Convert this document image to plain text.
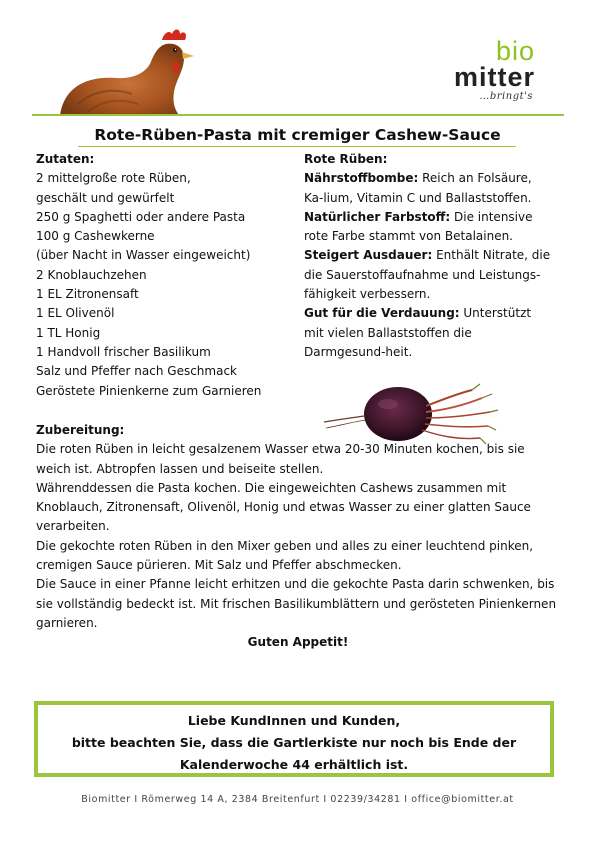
bio
mitter
…bringt's
Rote-Rüben-Pasta mit cremiger Cashew-Sauce

Zutaten:

2 mittelgroße rote Rüben,

geschält und gewürfelt

250 g Spaghetti oder andere Pasta

100 g Cashewkerne

(über Nacht in Wasser eingeweicht)

2 Knoblauchzehen

1 EL Zitronensaft

1 EL Olivenöl

1 TL Honig

1 Handvoll frischer Basilikum

Salz und Pfeffer nach Geschmack

Geröstete Pinienkerne zum Garnieren

Rote Rüben:

Nährstoffbombe: Reich an Folsäure, Ka-lium, Vitamin C und Ballaststoffen.

Natürlicher Farbstoff: Die intensive rote Farbe stammt von Betalainen.

Steigert Ausdauer: Enthält Nitrate, die die Sauerstoffaufnahme und Leistungs-fähigkeit verbessern.

Gut für die Verdauung: Unterstützt mit vielen Ballaststoffen die Darmgesund-heit.

Zubereitung:

Die roten Rüben in leicht gesalzenem Wasser etwa 20-30 Minuten kochen, bis sie weich ist. Abtropfen lassen und beiseite stellen.

Währenddessen die Pasta kochen. Die eingeweichten Cashews zusammen mit Knoblauch, Zitronensaft, Olivenöl, Honig und etwas Wasser zu einer glatten Sauce verarbeiten.

Die gekochte roten Rüben in den Mixer geben und alles zu einer leuchtend pinken, cremigen Sauce pürieren. Mit Salz und Pfeffer abschmecken.

Die Sauce in einer Pfanne leicht erhitzen und die gekochte Pasta darin schwenken, bis sie vollständig bedeckt ist. Mit frischen Basilikumblättern und gerösteten Pinienkernen garnieren.

Guten Appetit!

Liebe KundInnen und Kunden,

bitte beachten Sie, dass die Gartlerkiste nur noch bis Ende der

Kalenderwoche 44 erhältlich ist.

Biomitter I Römerweg 14 A, 2384 Breitenfurt I 02239/34281 I office@biomitter.at
